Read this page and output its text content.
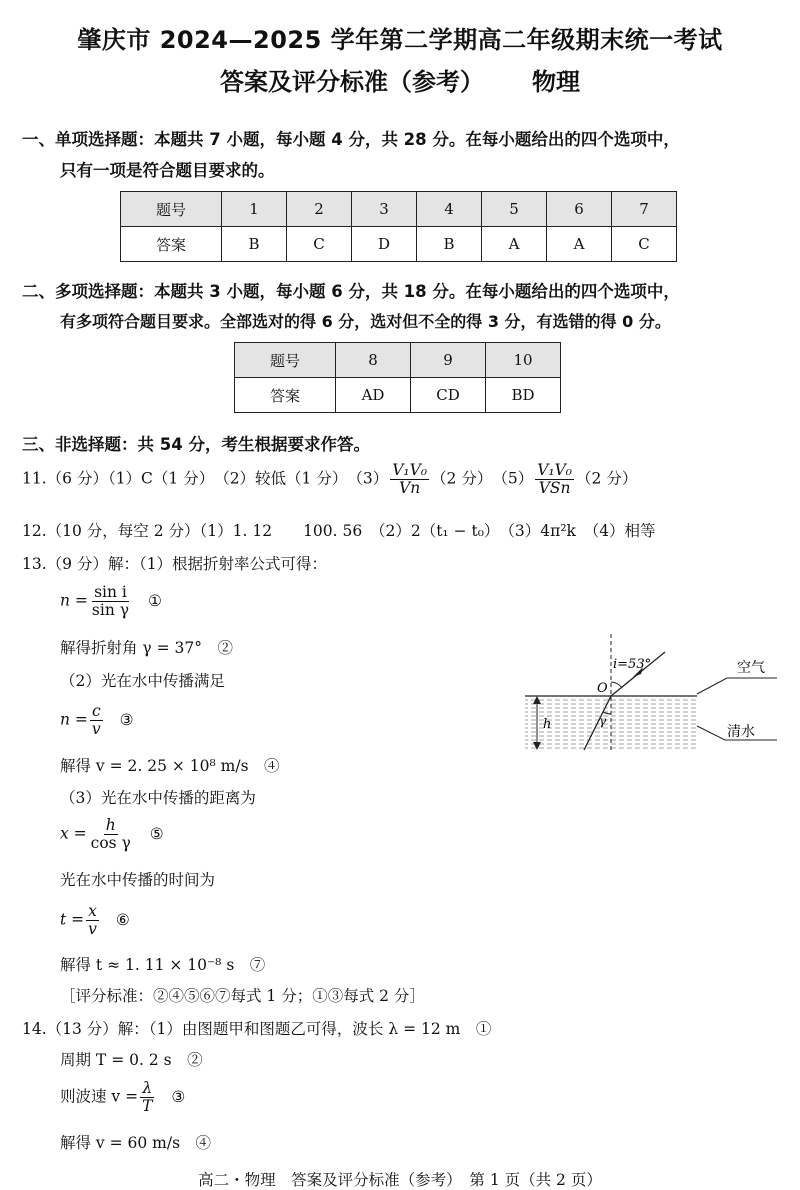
肇庆市 2024—2025 学年第二学期高二年级期末统一考试
答案及评分标准（参考） 物理
一、单项选择题：本题共 7 小题，每小题 4 分，共 28 分。在每小题给出的四个选项中，
只有一项是符合题目要求的。
题号	1	2	3	4	5	6	7
答案	B	C	D	B	A	A	C
二、多项选择题：本题共 3 小题，每小题 6 分，共 18 分。在每小题给出的四个选项中，
有多项符合题目要求。全部选对的得 6 分，选对但不全的得 3 分，有选错的得 0 分。
题号	8	9	10
答案	AD	CD	BD
三、非选择题：共 54 分，考生根据要求作答。
11.（6 分）（1）C（1 分）　（2）较低（1 分）　$(3) \frac{\text{V₁V₀}}{Vn} (2$ 分）　$(5) \frac{\text{V₁V₀}}{\text{VSn}} (2$ 分）
12.（10 分，每空 2 分）（1）1. 12　　100. 56　（2）2（t₁ − t₀）　（3）4π²k　（4）相等
13.（9 分）解：（1）根据折射率公式可得：
$n = \frac{\text{sin i}}{\text{sin γ}}$ ①
解得折射角 γ = 37°　②
（2）光在水中传播满足
$n = \frac{c}{v}$ ③
解得 v = 2. 25 × 10⁸ m/s　④
（3）光在水中传播的距离为
$x = \frac{h}{\text{cos γ}}$ ⑤
光在水中传播的时间为
$t = \frac{x}{v}$ ⑥
解得 t ≈ 1. 11 × 10⁻⁸ s　⑦
［评分标准：②④⑤⑥⑦每式 1 分；①③每式 2 分］
i=53°
O
γ
h
空气
清水
14.（13 分）解：（1）由图题甲和图题乙可得，波长 λ = 12 m　①
周期 T = 0. 2 s　②
则波速 $v = \frac{\lambda}{T}$ ③
解得 v = 60 m/s　④
高二・物理　答案及评分标准（参考）　第 1 页（共 2 页）
